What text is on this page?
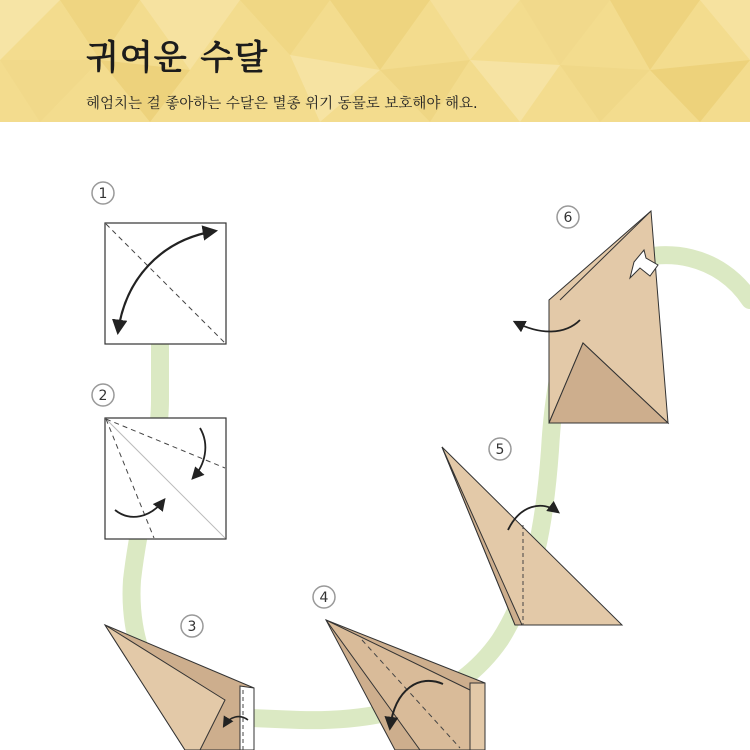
귀여운 수달

헤엄치는 걸 좋아하는 수달은 멸종 위기 동물로 보호해야 해요.

1
2
3
4
5
6
